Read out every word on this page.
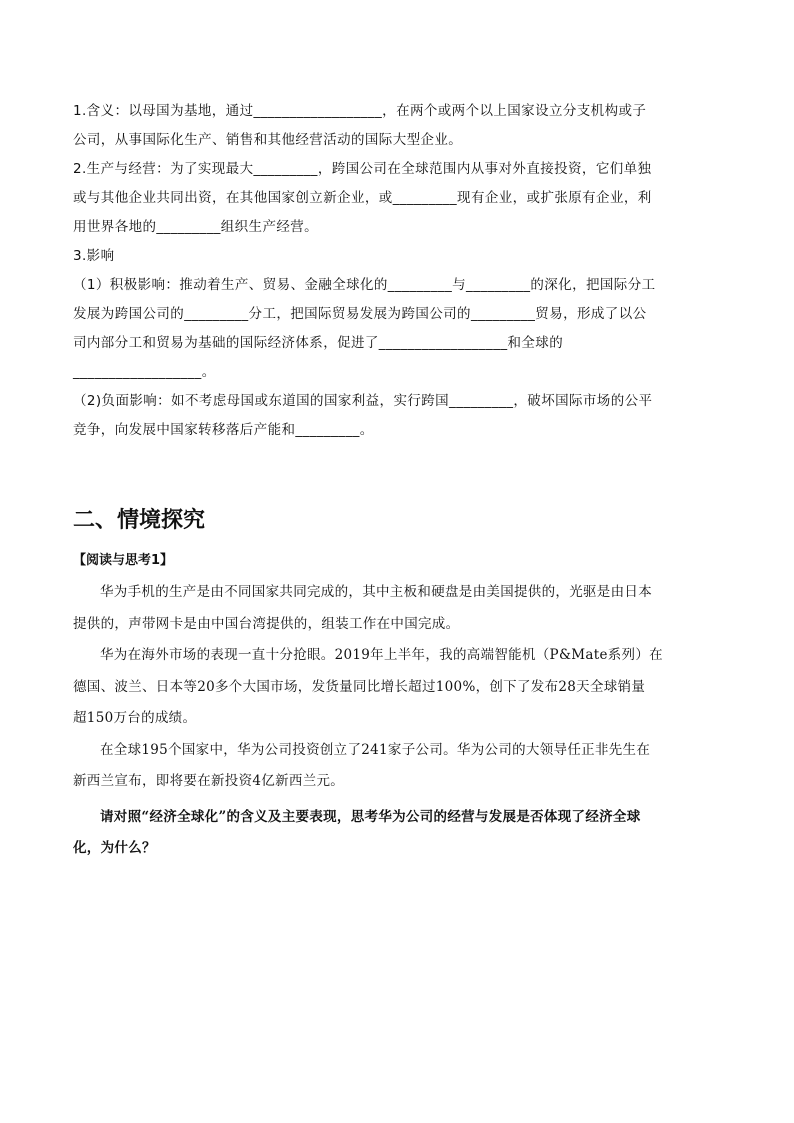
1.含义：以母国为基地，通过__________________，在两个或两个以上国家设立分支机构或子

公司，从事国际化生产、销售和其他经营活动的国际大型企业。

2.生产与经营：为了实现最大_________，跨国公司在全球范围内从事对外直接投资，它们单独

或与其他企业共同出资，在其他国家创立新企业，或_________现有企业，或扩张原有企业，利

用世界各地的_________组织生产经营。

3.影响

（1）积极影响：推动着生产、贸易、金融全球化的_________与_________的深化，把国际分工

发展为跨国公司的_________分工，把国际贸易发展为跨国公司的_________贸易，形成了以公

司内部分工和贸易为基础的国际经济体系，促进了__________________和全球的

__________________。

（2)负面影响：如不考虑母国或东道国的国家利益，实行跨国_________，破坏国际市场的公平

竞争，向发展中国家转移落后产能和_________。

二、情境探究

【阅读与思考1】

华为手机的生产是由不同国家共同完成的，其中主板和硬盘是由美国提供的，光驱是由日本

提供的，声带网卡是由中国台湾提供的，组装工作在中国完成。

华为在海外市场的表现一直十分抢眼。2019年上半年，我的高端智能机（P&Mate系列）在

德国、波兰、日本等20多个大国市场，发货量同比增长超过100%，创下了发布28天全球销量

超150万台的成绩。

在全球195个国家中，华为公司投资创立了241家子公司。华为公司的大领导任正非先生在

新西兰宣布，即将要在新投资4亿新西兰元。

请对照“经济全球化”的含义及主要表现，思考华为公司的经营与发展是否体现了经济全球

化，为什么？
